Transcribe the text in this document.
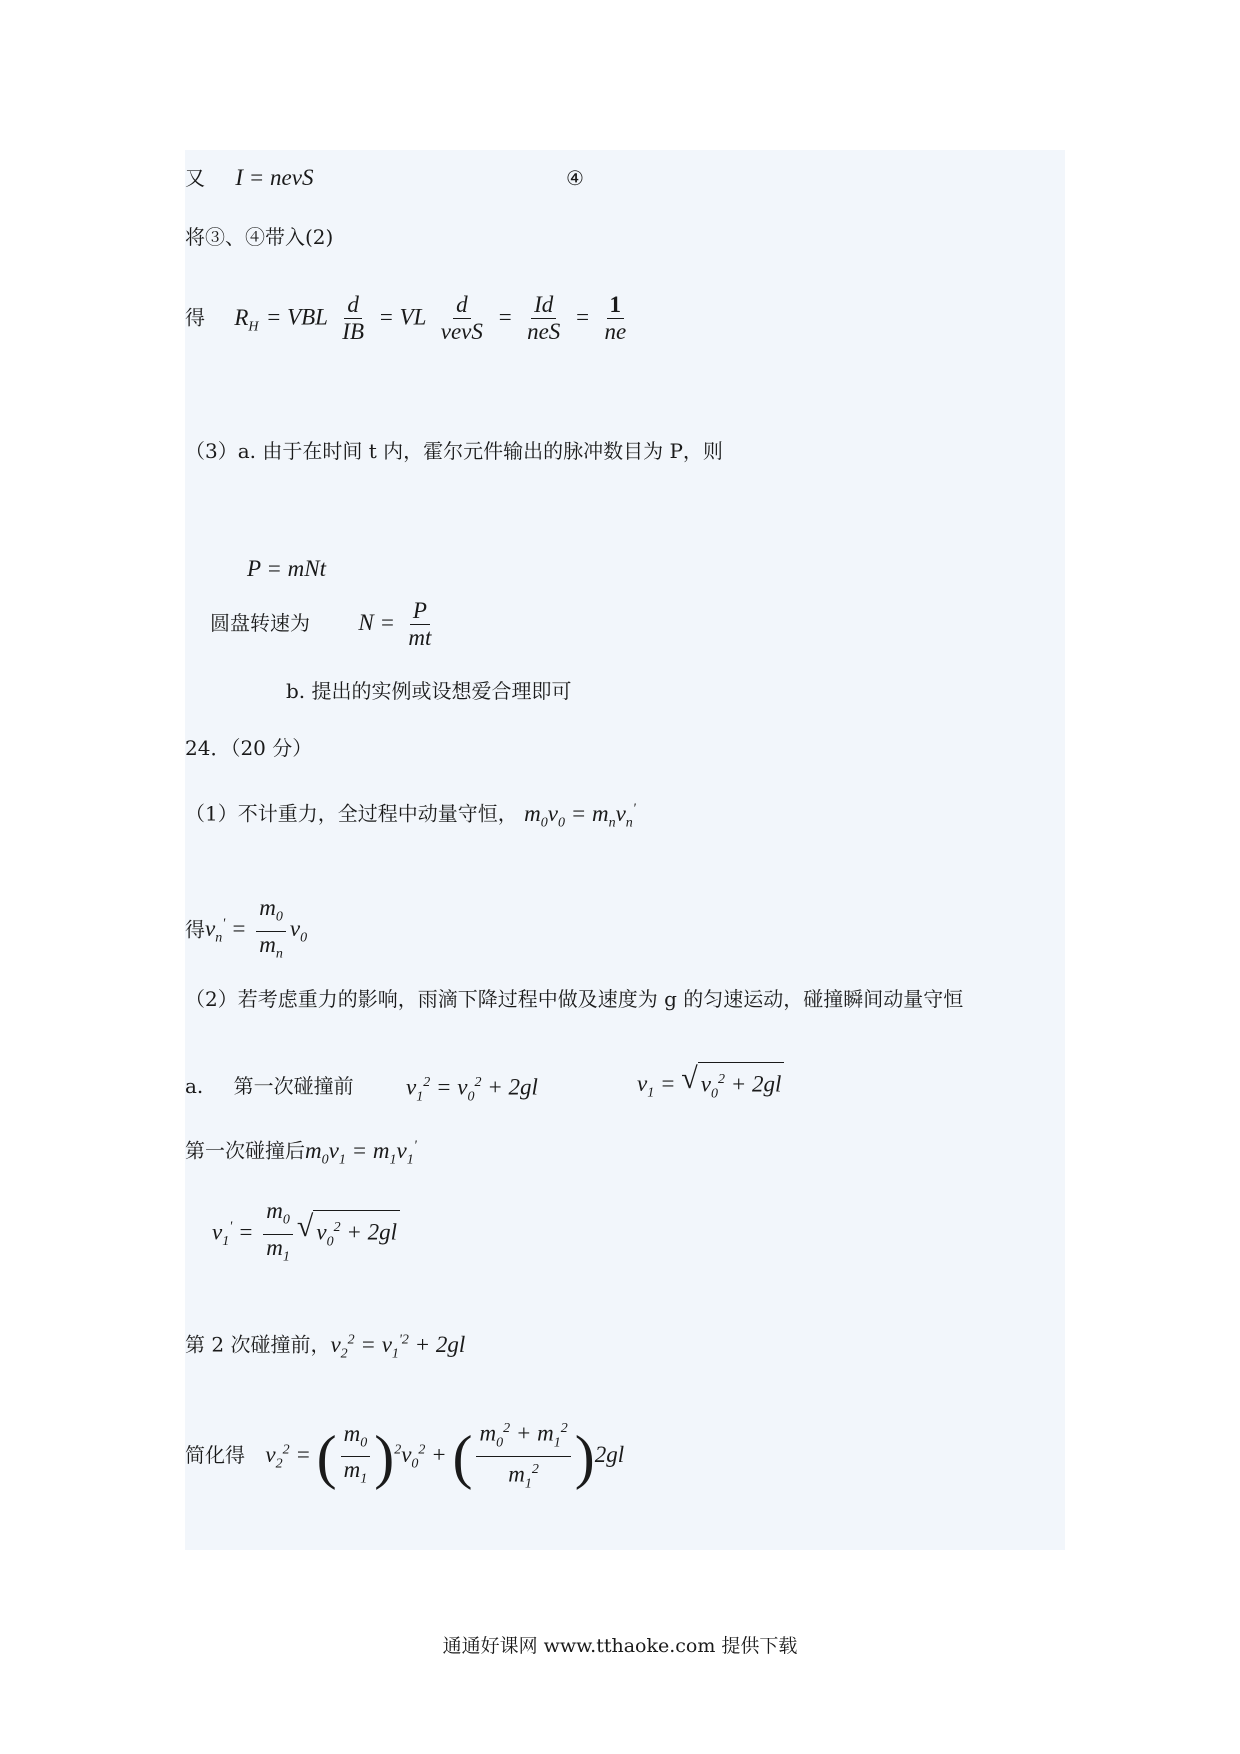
又 I = nevS	④
将③、④带入(2)
得 $R_H$ = VBL $\frac{d}{IB}$ = VL $\frac{d}{\text{vevS}} = \frac{Id}{\text{neS}} = \frac{1}{ne}$
（3）a. 由于在时间 t 内，霍尔元件输出的脉冲数目为 P，则
P = mNt
圆盘转速为 $N = \frac{P}{mt}$
b. 提出的实例或设想爱合理即可
24．（20 分）
（1）不计重力，全过程中动量守恒， $m_0v_0 = m_nv_n'$
得$v_n' = \frac{m_0}{m_n} v_0$
（2）若考虑重力的影响，雨滴下降过程中做及速度为 g 的匀速运动，碰撞瞬间动量守恒
a. 第一次碰撞前 $v_1^2 = v_0^2 + 2gl$	$v_1$ = √ $v_0^2 + 2gl$
第一次碰撞后$m_0v_1 = m_1v_1'$
$v_1' = \frac{m_0}{m_1}$ √ $v_0^2 + 2gl$
第 2 次碰撞前，$v_2^2 = v_1^{'2} + 2gl$
简化得 $v_2^2$ = ( $\frac{m_0}{m_1}$ ) $^2v_0^2$ + ( $\frac{m_0^2 + m_1^2}{m_1^2}$ ) 2gl
通通好课网 www.tthaoke.com 提供下载
